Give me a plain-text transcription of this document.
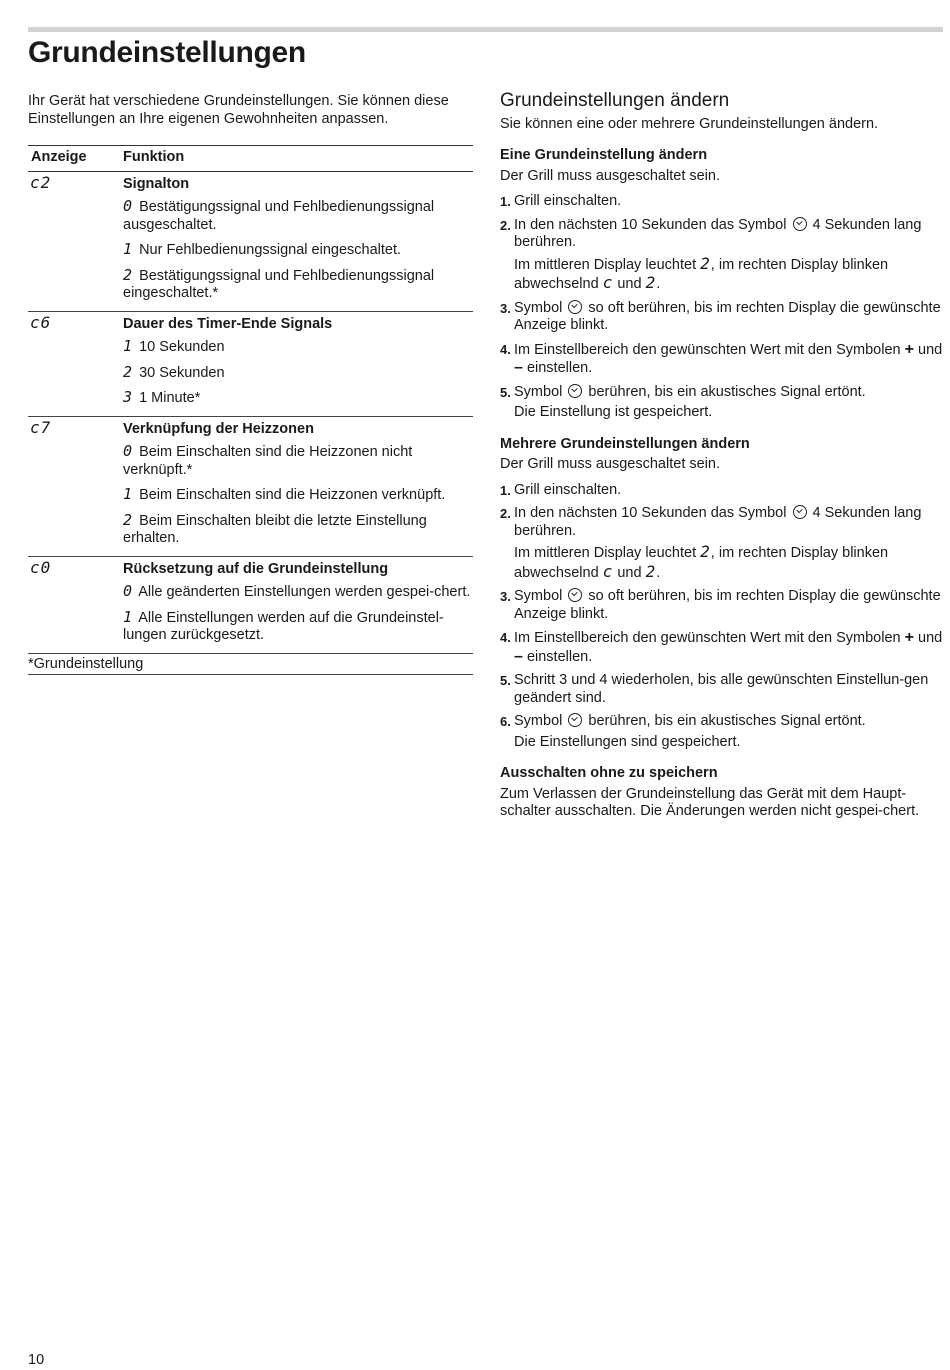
Grundeinstellungen

Ihr Gerät hat verschiedene Grundeinstellungen. Sie können diese Einstellungen an Ihre eigenen Gewohnheiten anpassen.

Anzeige	Funktion
c2	Signalton
0 Bestätigungssignal und Fehlbedienungssignal ausgeschaltet.
1 Nur Fehlbedienungssignal eingeschaltet.
2 Bestätigungssignal und Fehlbedienungssignal eingeschaltet.*

c6	Dauer des Timer-Ende Signals
1 10 Sekunden
2 30 Sekunden
3 1 Minute*

c7	Verknüpfung der Heizzonen
0 Beim Einschalten sind die Heizzonen nicht verknüpft.*
1 Beim Einschalten sind die Heizzonen verknüpft.
2 Beim Einschalten bleibt die letzte Einstellung erhalten.

c0	Rücksetzung auf die Grundeinstellung
0 Alle geänderten Einstellungen werden gespei-chert.
1 Alle Einstellungen werden auf die Grundeinstel-lungen zurückgesetzt.

*Grundeinstellung	
Grundeinstellungen ändern

Sie können eine oder mehrere Grundeinstellungen ändern.

Eine Grundeinstellung ändern

Der Grill muss ausgeschaltet sein.

1. Grill einschalten.
2. In den nächsten 10 Sekunden das Symbol 4 Sekunden lang berühren.
Im mittleren Display leuchtet 2, im rechten Display blinken abwechselnd c und 2.
3. Symbol so oft berühren, bis im rechten Display die gewünschte Anzeige blinkt.
4. Im Einstellbereich den gewünschten Wert mit den Symbolen + und – einstellen.
5. Symbol berühren, bis ein akustisches Signal ertönt.
Die Einstellung ist gespeichert.
Mehrere Grundeinstellungen ändern

Der Grill muss ausgeschaltet sein.

1. Grill einschalten.
2. In den nächsten 10 Sekunden das Symbol 4 Sekunden lang berühren.
Im mittleren Display leuchtet 2, im rechten Display blinken abwechselnd c und 2.
3. Symbol so oft berühren, bis im rechten Display die gewünschte Anzeige blinkt.
4. Im Einstellbereich den gewünschten Wert mit den Symbolen + und – einstellen.
5. Schritt 3 und 4 wiederholen, bis alle gewünschten Einstellun-gen geändert sind.
6. Symbol berühren, bis ein akustisches Signal ertönt.
Die Einstellungen sind gespeichert.
Ausschalten ohne zu speichern

Zum Verlassen der Grundeinstellung das Gerät mit dem Haupt-schalter ausschalten. Die Änderungen werden nicht gespei-chert.

10
